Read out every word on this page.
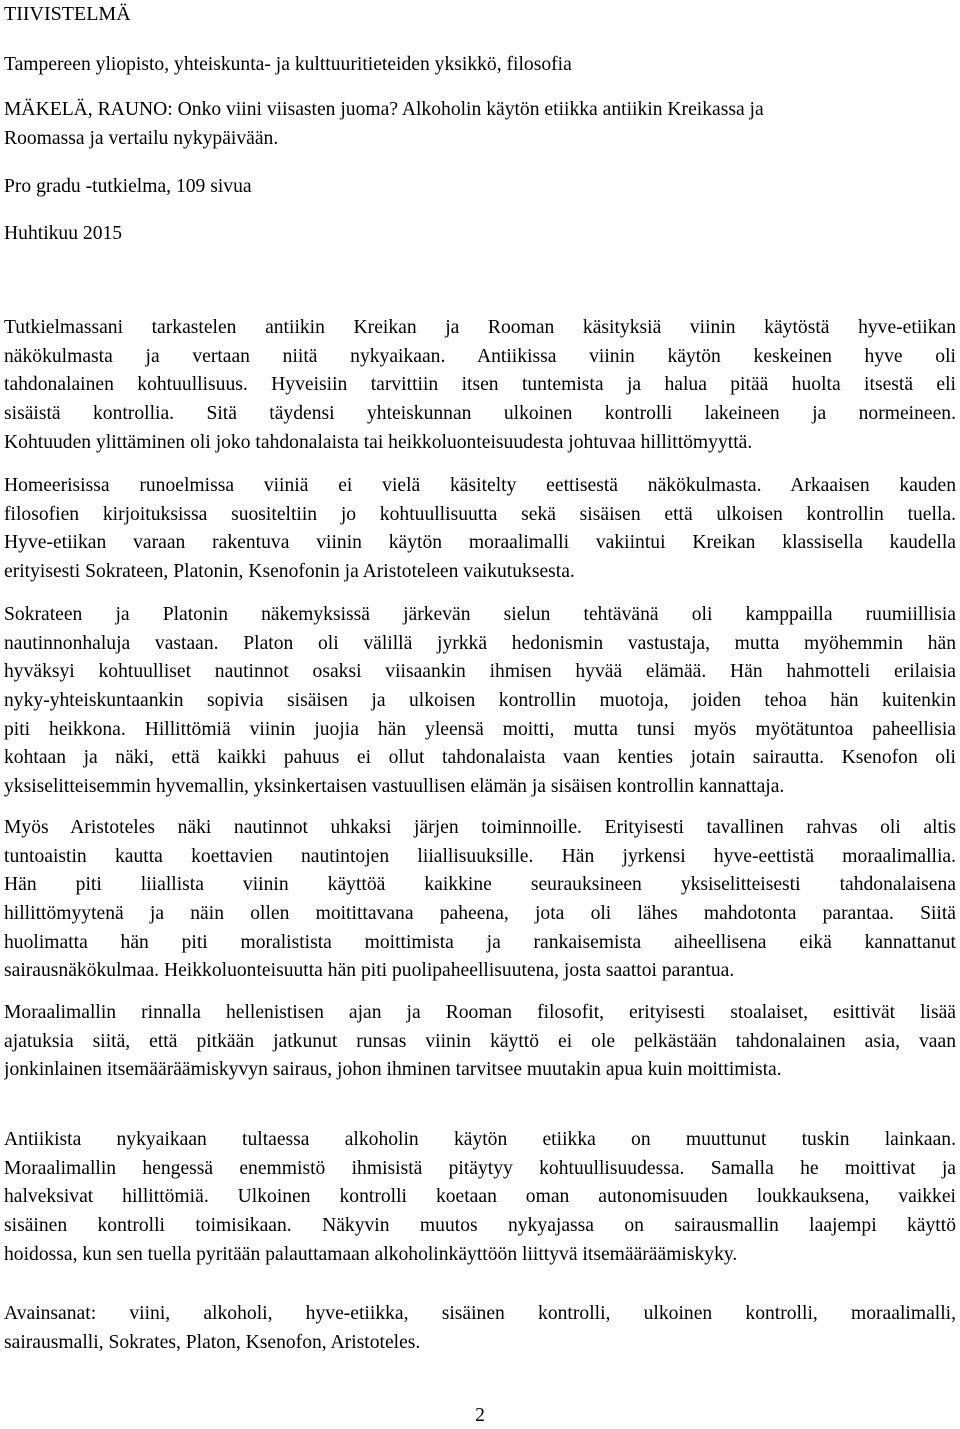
TIIVISTELMÄ
Tampereen yliopisto, yhteiskunta- ja kulttuuritieteiden yksikkö, filosofia
MÄKELÄ, RAUNO: Onko viini viisasten juoma? Alkoholin käytön etiikka antiikin Kreikassa ja
Roomassa ja vertailu nykypäivään.
Pro gradu -tutkielma, 109 sivua
Huhtikuu 2015
Tutkielmassani tarkastelen antiikin Kreikan ja Rooman käsityksiä viinin käytöstä hyve-etiikan
näkökulmasta ja vertaan niitä nykyaikaan. Antiikissa viinin käytön keskeinen hyve oli
tahdonalainen kohtuullisuus. Hyveisiin tarvittiin itsen tuntemista ja halua pitää huolta itsestä eli
sisäistä kontrollia. Sitä täydensi yhteiskunnan ulkoinen kontrolli lakeineen ja normeineen.
Kohtuuden ylittäminen oli joko tahdonalaista tai heikkoluonteisuudesta johtuvaa hillittömyyttä.
Homeerisissa runoelmissa viiniä ei vielä käsitelty eettisestä näkökulmasta. Arkaaisen kauden
filosofien kirjoituksissa suositeltiin jo kohtuullisuutta sekä sisäisen että ulkoisen kontrollin tuella.
Hyve-etiikan varaan rakentuva viinin käytön moraalimalli vakiintui Kreikan klassisella kaudella
erityisesti Sokrateen, Platonin, Ksenofonin ja Aristoteleen vaikutuksesta.
Sokrateen ja Platonin näkemyksissä järkevän sielun tehtävänä oli kamppailla ruumiillisia
nautinnonhaluja vastaan. Platon oli välillä jyrkkä hedonismin vastustaja, mutta myöhemmin hän
hyväksyi kohtuulliset nautinnot osaksi viisaankin ihmisen hyvää elämää. Hän hahmotteli erilaisia
nyky-yhteiskuntaankin sopivia sisäisen ja ulkoisen kontrollin muotoja, joiden tehoa hän kuitenkin
piti heikkona. Hillittömiä viinin juojia hän yleensä moitti, mutta tunsi myös myötätuntoa paheellisia
kohtaan ja näki, että kaikki pahuus ei ollut tahdonalaista vaan kenties jotain sairautta. Ksenofon oli
yksiselitteisemmin hyvemallin, yksinkertaisen vastuullisen elämän ja sisäisen kontrollin kannattaja.
Myös Aristoteles näki nautinnot uhkaksi järjen toiminnoille. Erityisesti tavallinen rahvas oli altis
tuntoaistin kautta koettavien nautintojen liiallisuuksille. Hän jyrkensi hyve-eettistä moraalimallia.
Hän piti liiallista viinin käyttöä kaikkine seurauksineen yksiselitteisesti tahdonalaisena
hillittömyytenä ja näin ollen moitittavana paheena, jota oli lähes mahdotonta parantaa. Siitä
huolimatta hän piti moralistista moittimista ja rankaisemista aiheellisena eikä kannattanut
sairausnäkökulmaa. Heikkoluonteisuutta hän piti puolipaheellisuutena, josta saattoi parantua.
Moraalimallin rinnalla hellenistisen ajan ja Rooman filosofit, erityisesti stoalaiset, esittivät lisää
ajatuksia siitä, että pitkään jatkunut runsas viinin käyttö ei ole pelkästään tahdonalainen asia, vaan
jonkinlainen itsemääräämiskyvyn sairaus, johon ihminen tarvitsee muutakin apua kuin moittimista.
Antiikista nykyaikaan tultaessa alkoholin käytön etiikka on muuttunut tuskin lainkaan.
Moraalimallin hengessä enemmistö ihmisistä pitäytyy kohtuullisuudessa. Samalla he moittivat ja
halveksivat hillittömiä. Ulkoinen kontrolli koetaan oman autonomisuuden loukkauksena, vaikkei
sisäinen kontrolli toimisikaan. Näkyvin muutos nykyajassa on sairausmallin laajempi käyttö
hoidossa, kun sen tuella pyritään palauttamaan alkoholinkäyttöön liittyvä itsemääräämiskyky.
Avainsanat: viini, alkoholi, hyve-etiikka, sisäinen kontrolli, ulkoinen kontrolli, moraalimalli,
sairausmalli, Sokrates, Platon, Ksenofon, Aristoteles.
2
